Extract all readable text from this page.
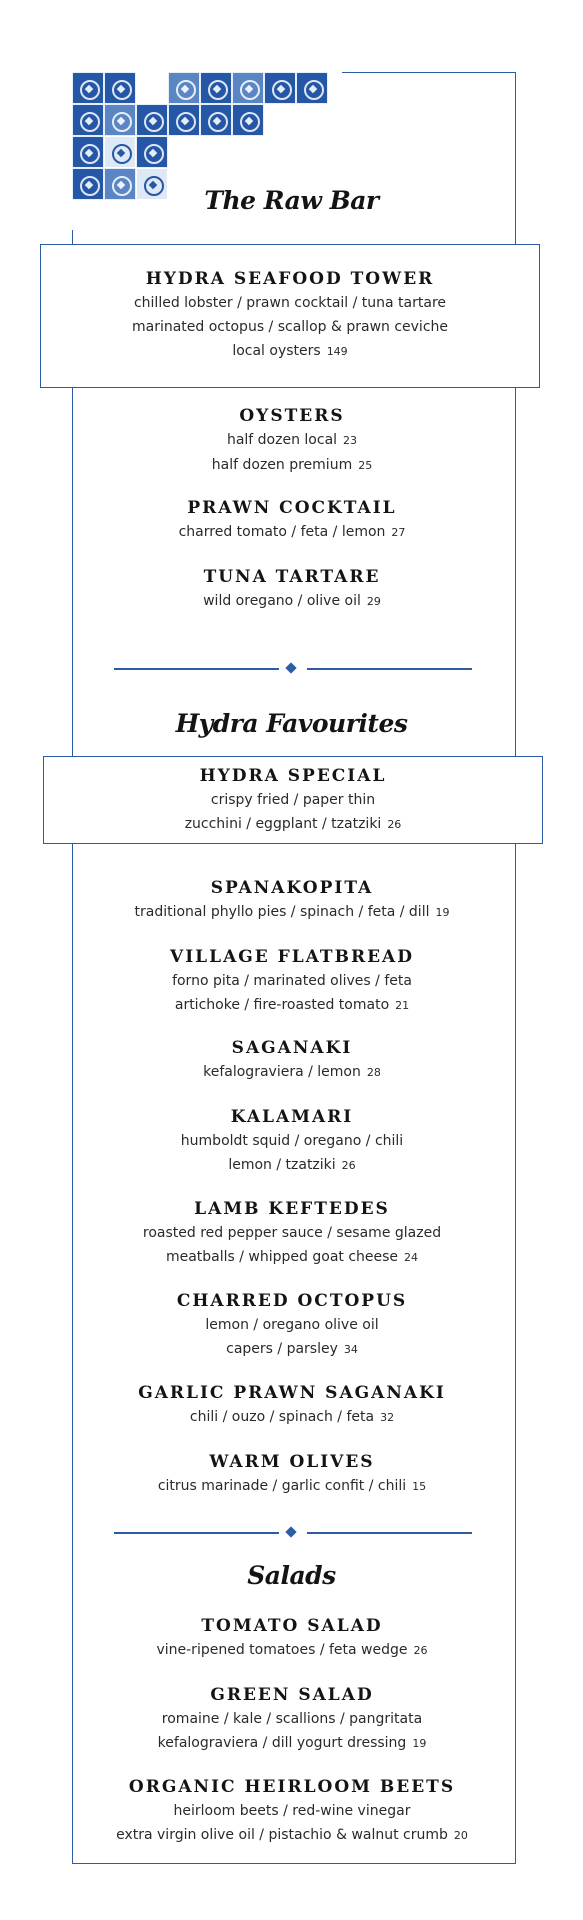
The Raw Bar
HYDRA SEAFOOD TOWER
chilled lobster / prawn cocktail / tuna tartare
marinated octopus / scallop & prawn ceviche
local oysters 149
OYSTERS
half dozen local 23
half dozen premium 25
PRAWN COCKTAIL
charred tomato / feta / lemon 27
TUNA TARTARE
wild oregano / olive oil 29
Hydra Favourites
HYDRA SPECIAL
crispy fried / paper thin
zucchini / eggplant / tzatziki 26
SPANAKOPITA
traditional phyllo pies / spinach / feta / dill 19
VILLAGE FLATBREAD
forno pita / marinated olives / feta
artichoke / fire-roasted tomato 21
SAGANAKI
kefalograviera / lemon 28
KALAMARI
humboldt squid / oregano / chili
lemon / tzatziki 26
LAMB KEFTEDES
roasted red pepper sauce / sesame glazed
meatballs / whipped goat cheese 24
CHARRED OCTOPUS
lemon / oregano olive oil
capers / parsley 34
GARLIC PRAWN SAGANAKI
chili / ouzo / spinach / feta 32
WARM OLIVES
citrus marinade / garlic confit / chili 15
Salads
TOMATO SALAD
vine-ripened tomatoes / feta wedge 26
GREEN SALAD
romaine / kale / scallions / pangritata
kefalograviera / dill yogurt dressing 19
ORGANIC HEIRLOOM BEETS
heirloom beets / red-wine vinegar
extra virgin olive oil / pistachio & walnut crumb 20
